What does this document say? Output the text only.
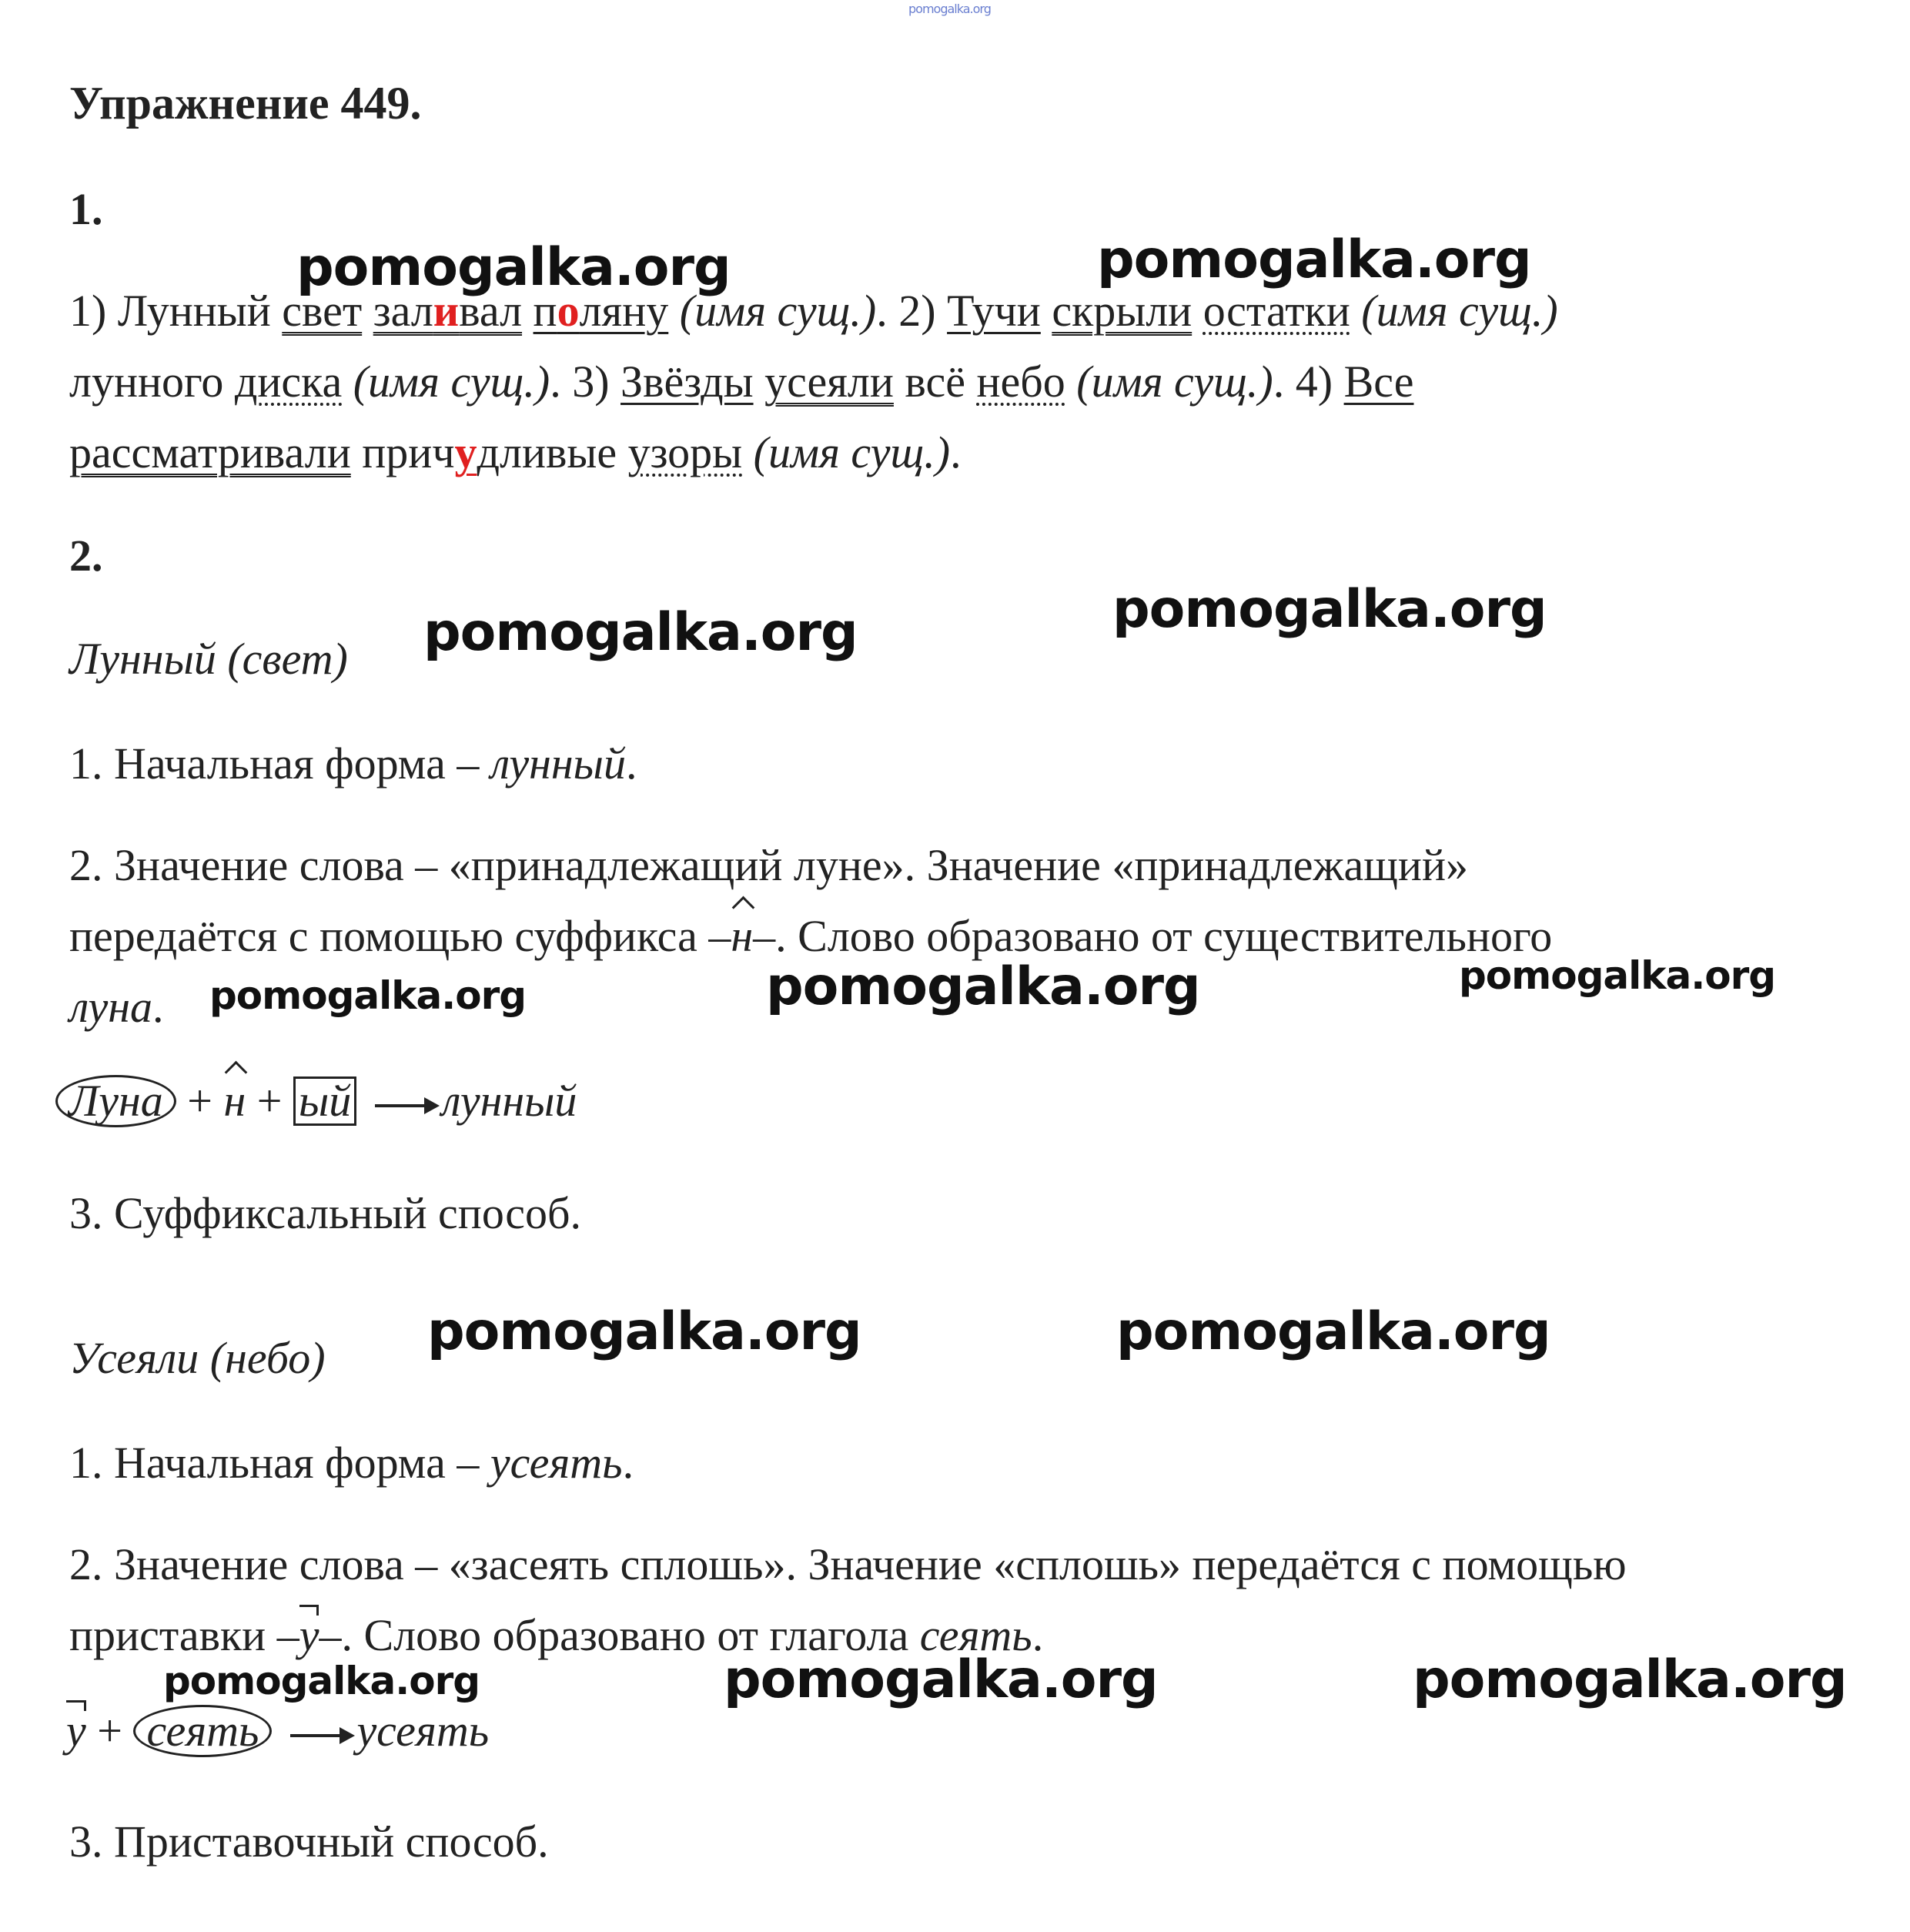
pomogalka.org
Упражнение 449.
1.
1) Лунный свет заливал поляну (имя сущ.). 2) Тучи скрыли остатки (имя сущ.)
лунного диска (имя сущ.). 3) Звёзды усеяли всё небо (имя сущ.). 4) Все
рассматривали причудливые узоры (имя сущ.).
2.
Лунный (свет)
1. Начальная форма – лунный.
2. Значение слова – «принадлежащий луне». Значение «принадлежащий»
передаётся с помощью суффикса –н–. Слово образовано от существительного
луна.
Луна + н + ый лунный
3. Суффиксальный способ.
Усеяли (небо)
1. Начальная форма – усеять.
2. Значение слова – «засеять сплошь». Значение «сплошь» передаётся с помощью
приставки –у–. Слово образовано от глагола сеять.
у + сеять усеять
3. Приставочный способ.
pomogalka.org	pomogalka.org
pomogalka.org	pomogalka.org
pomogalka.org	pomogalka.org	pomogalka.org
pomogalka.org	pomogalka.org
pomogalka.org	pomogalka.org	pomogalka.org
